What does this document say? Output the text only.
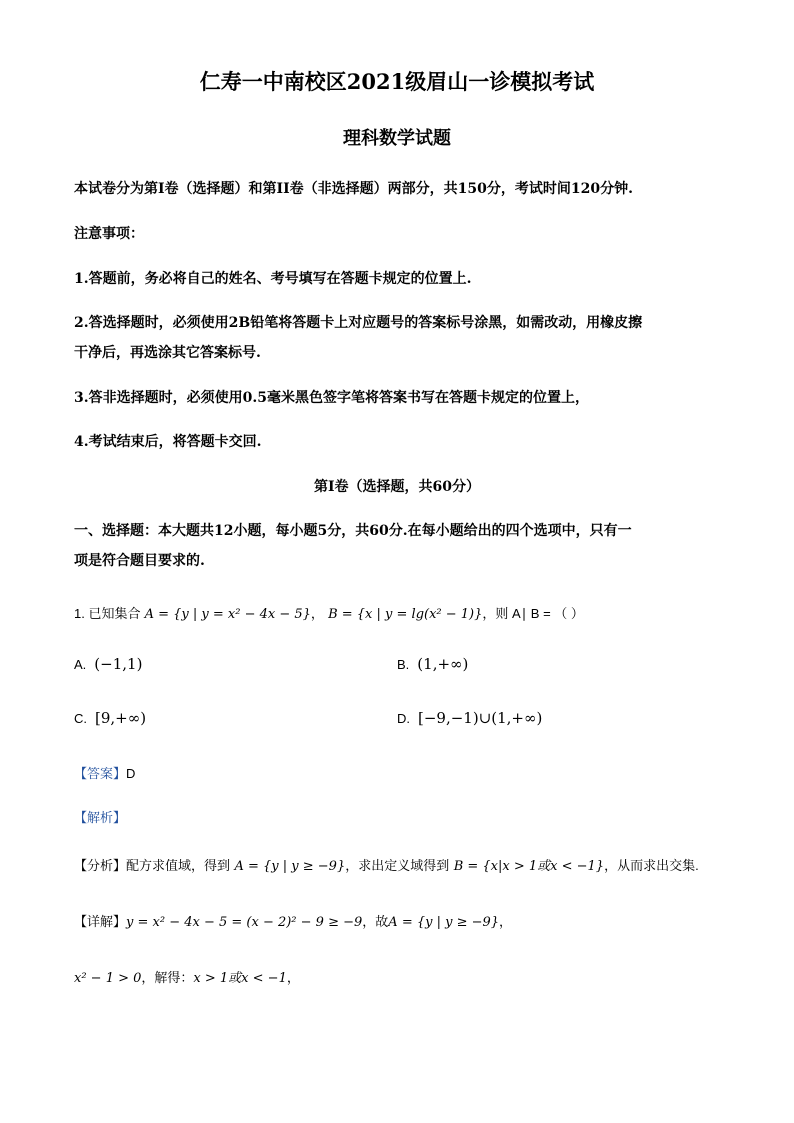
仁寿一中南校区2021级眉山一诊模拟考试
理科数学试题
本试卷分为第I卷（选择题）和第II卷（非选择题）两部分，共150分，考试时间120分钟.
注意事项：
1.答题前，务必将自己的姓名、考号填写在答题卡规定的位置上.
2.答选择题时，必须使用2B铅笔将答题卡上对应题号的答案标号涂黑，如需改动，用橡皮擦
干净后，再选涂其它答案标号.
3.答非选择题时，必须使用0.5毫米黑色签字笔将答案书写在答题卡规定的位置上，
4.考试结束后，将答题卡交回.
第I卷（选择题，共60分）
一、选择题：本大题共12小题，每小题5分，共60分.在每小题给出的四个选项中，只有一
项是符合题目要求的.
1. 已知集合 A = {y | y = x² − 4x − 5}， B = {x | y = lg(x² − 1)}，则 A∣ B = （ ）
A. (−1,1)	B. (1,+∞)
C. [9,+∞)	D. [−9,−1)∪(1,+∞)
【答案】D
【解析】
【分析】配方求值域，得到 A = {y | y ≥ −9}，求出定义域得到 B = {x|x > 1或x < −1}，从而求出交集.
【详解】y = x² − 4x − 5 = (x − 2)² − 9 ≥ −9，故A = {y | y ≥ −9}，
x² − 1 > 0，解得：x > 1或x < −1，
